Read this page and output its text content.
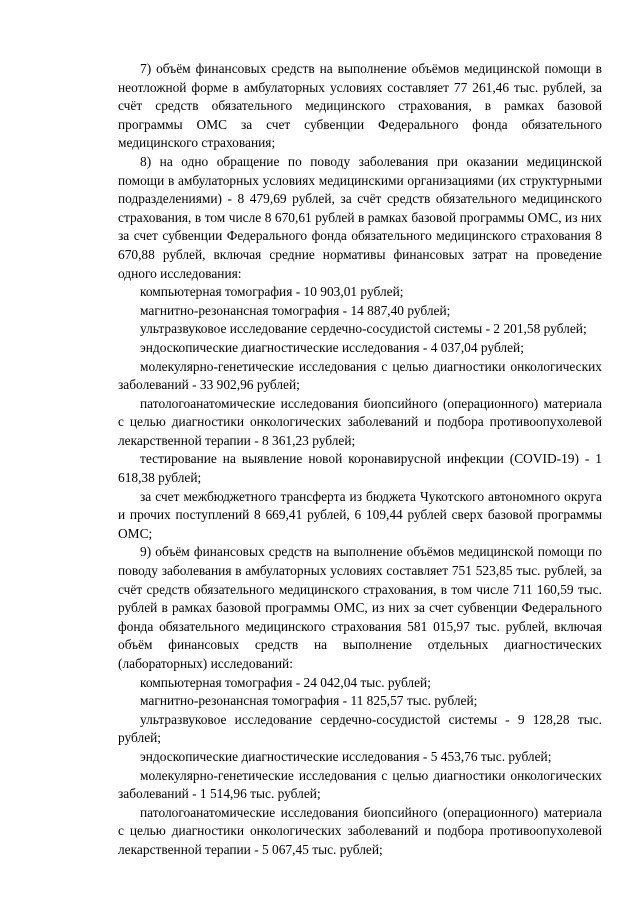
7) объём финансовых средств на выполнение объёмов медицинской помощи в неотложной форме в амбулаторных условиях составляет 77 261,46 тыс. рублей, за счёт средств обязательного медицинского страхования, в рамках базовой программы ОМС за счет субвенции Федерального фонда обязательного медицинского страхования;

8) на одно обращение по поводу заболевания при оказании медицинской помощи в амбулаторных условиях медицинскими организациями (их структурными подразделениями) - 8 479,69 рублей, за счёт средств обязательного медицинского страхования, в том числе 8 670,61 рублей в рамках базовой программы ОМС, из них за счет субвенции Федерального фонда обязательного медицинского страхования 8 670,88 рублей, включая средние нормативы финансовых затрат на проведение одного исследования:

компьютерная томография - 10 903,01 рублей;

магнитно-резонансная томография - 14 887,40 рублей;

ультразвуковое исследование сердечно-сосудистой системы - 2 201,58 рублей;

эндоскопические диагностические исследования - 4 037,04 рублей;

молекулярно-генетические исследования с целью диагностики онкологических заболеваний - 33 902,96 рублей;

патологоанатомические исследования биопсийного (операционного) материала с целью диагностики онкологических заболеваний и подбора противоопухолевой лекарственной терапии - 8 361,23 рублей;

тестирование на выявление новой коронавирусной инфекции (COVID-19) - 1 618,38 рублей;

за счет межбюджетного трансферта из бюджета Чукотского автономного округа и прочих поступлений 8 669,41 рублей, 6 109,44 рублей сверх базовой программы ОМС;

9) объём финансовых средств на выполнение объёмов медицинской помощи по поводу заболевания в амбулаторных условиях составляет 751 523,85 тыс. рублей, за счёт средств обязательного медицинского страхования, в том числе 711 160,59 тыс. рублей в рамках базовой программы ОМС, из них за счет субвенции Федерального фонда обязательного медицинского страхования 581 015,97 тыс. рублей, включая объём финансовых средств на выполнение отдельных диагностических (лабораторных) исследований:

компьютерная томография - 24 042,04 тыс. рублей;

магнитно-резонансная томография - 11 825,57 тыс. рублей;

ультразвуковое исследование сердечно-сосудистой системы - 9 128,28 тыс. рублей;

эндоскопические диагностические исследования - 5 453,76 тыс. рублей;

молекулярно-генетические исследования с целью диагностики онкологических заболеваний - 1 514,96 тыс. рублей;

патологоанатомические исследования биопсийного (операционного) материала с целью диагностики онкологических заболеваний и подбора противоопухолевой лекарственной терапии - 5 067,45 тыс. рублей;
